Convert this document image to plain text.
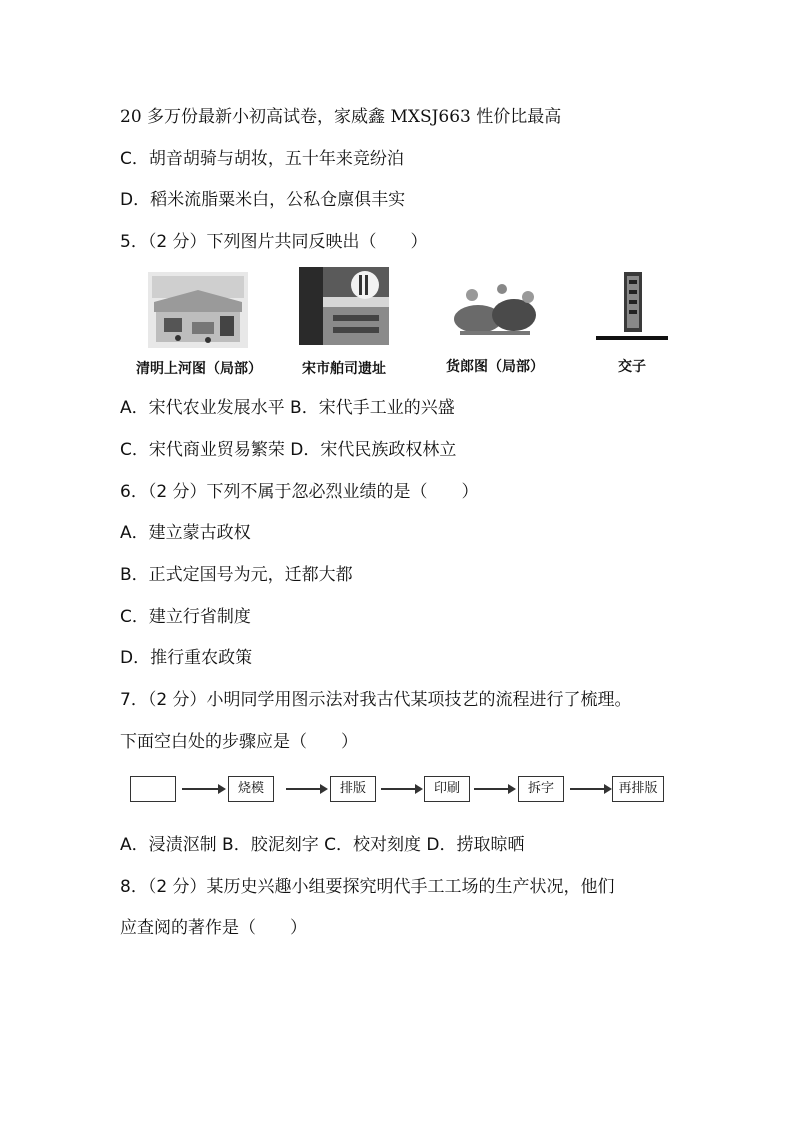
20 多万份最新小初高试卷，家威鑫 MXSJ663 性价比最高
C．胡音胡骑与胡妆，五十年来竞纷泊
D．稻米流脂粟米白，公私仓廪俱丰实
5．（2 分）下列图片共同反映出（　　）
清明上河图（局部）	宋市舶司遗址	货郎图（局部）	交子
A．宋代农业发展水平 B．宋代手工业的兴盛
C．宋代商业贸易繁荣 D．宋代民族政权林立
6．（2 分）下列不属于忽必烈业绩的是（　　）
A．建立蒙古政权
B．正式定国号为元，迁都大都
C．建立行省制度
D．推行重农政策
7．（2 分）小明同学用图示法对我古代某项技艺的流程进行了梳理。
下面空白处的步骤应是（　　）
烧模	排版	印刷	拆字	再排版
A．浸渍沤制 B．胶泥刻字 C．校对刻度 D．捞取晾晒
8．（2 分）某历史兴趣小组要探究明代手工工场的生产状况，他们
应查阅的著作是（　　）
